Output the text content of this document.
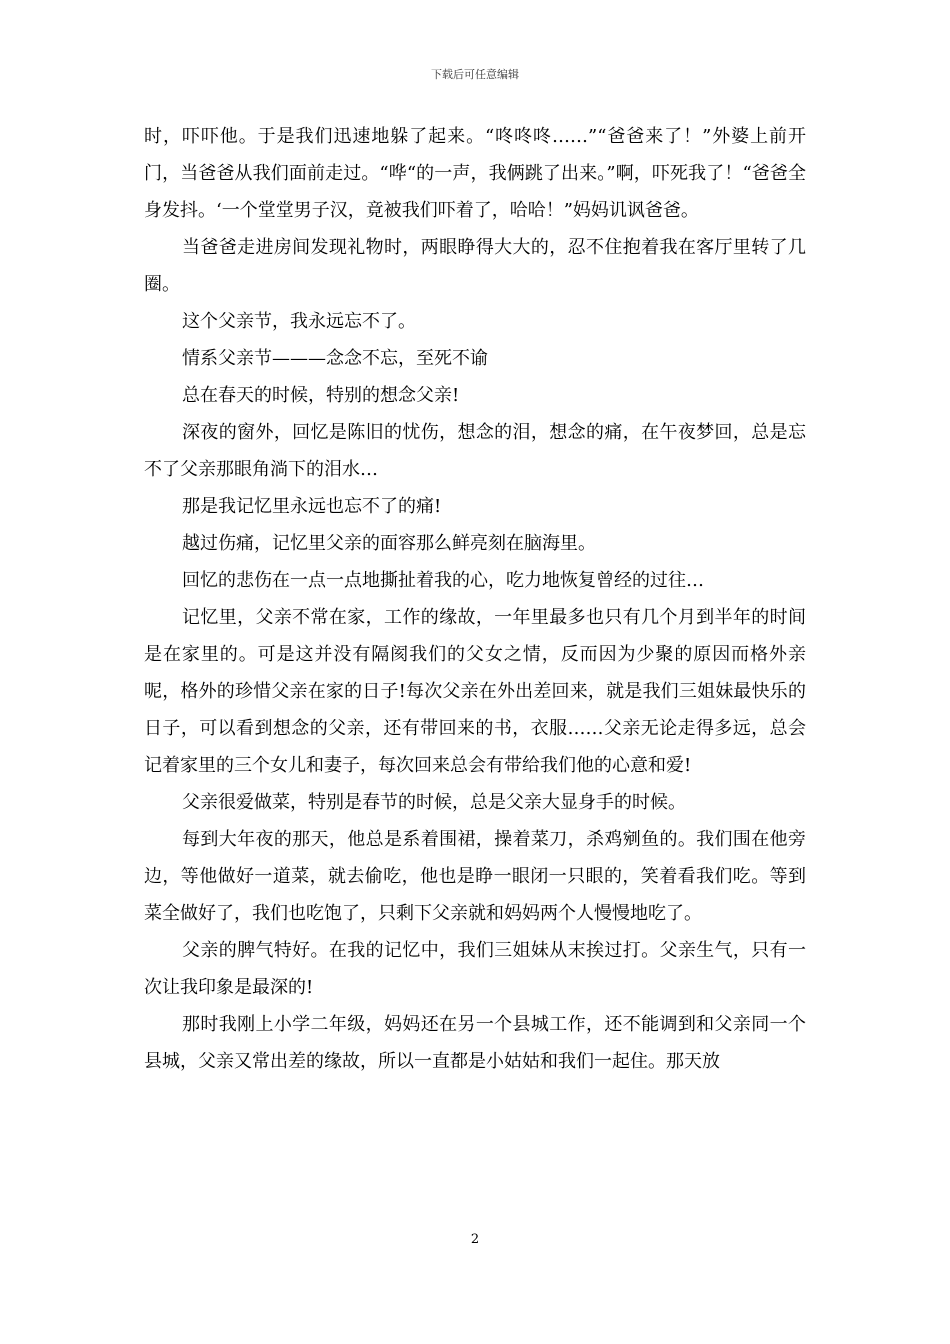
下载后可任意编辑

时，吓吓他。于是我们迅速地躲了起来。“咚咚咚……”“爸爸来了！”外婆上前开门，当爸爸从我们面前走过。“哗“的一声，我俩跳了出来。”啊，吓死我了！“爸爸全身发抖。‘一个堂堂男子汉，竟被我们吓着了，哈哈！”妈妈讥讽爸爸。

当爸爸走进房间发现礼物时，两眼睁得大大的，忍不住抱着我在客厅里转了几圈。

这个父亲节，我永远忘不了。

情系父亲节———念念不忘，至死不谕

总在春天的时候，特别的想念父亲!

深夜的窗外，回忆是陈旧的忧伤，想念的泪，想念的痛，在午夜梦回，总是忘不了父亲那眼角淌下的泪水…

那是我记忆里永远也忘不了的痛!

越过伤痛，记忆里父亲的面容那么鲜亮刻在脑海里。

回忆的悲伤在一点一点地撕扯着我的心，吃力地恢复曾经的过往…

记忆里，父亲不常在家，工作的缘故，一年里最多也只有几个月到半年的时间是在家里的。可是这并没有隔阂我们的父女之情，反而因为少聚的原因而格外亲呢，格外的珍惜父亲在家的日子!每次父亲在外出差回来，就是我们三姐妹最快乐的日子，可以看到想念的父亲，还有带回来的书，衣服……父亲无论走得多远，总会记着家里的三个女儿和妻子，每次回来总会有带给我们他的心意和爱!

父亲很爱做菜，特别是春节的时候，总是父亲大显身手的时候。

每到大年夜的那天，他总是系着围裙，操着菜刀，杀鸡剜鱼的。我们围在他旁边，等他做好一道菜，就去偷吃，他也是睁一眼闭一只眼的，笑着看我们吃。等到菜全做好了，我们也吃饱了，只剩下父亲就和妈妈两个人慢慢地吃了。

父亲的脾气特好。在我的记忆中，我们三姐妹从末挨过打。父亲生气，只有一次让我印象是最深的!

那时我刚上小学二年级，妈妈还在另一个县城工作，还不能调到和父亲同一个县城，父亲又常出差的缘故，所以一直都是小姑姑和我们一起住。那天放

2
